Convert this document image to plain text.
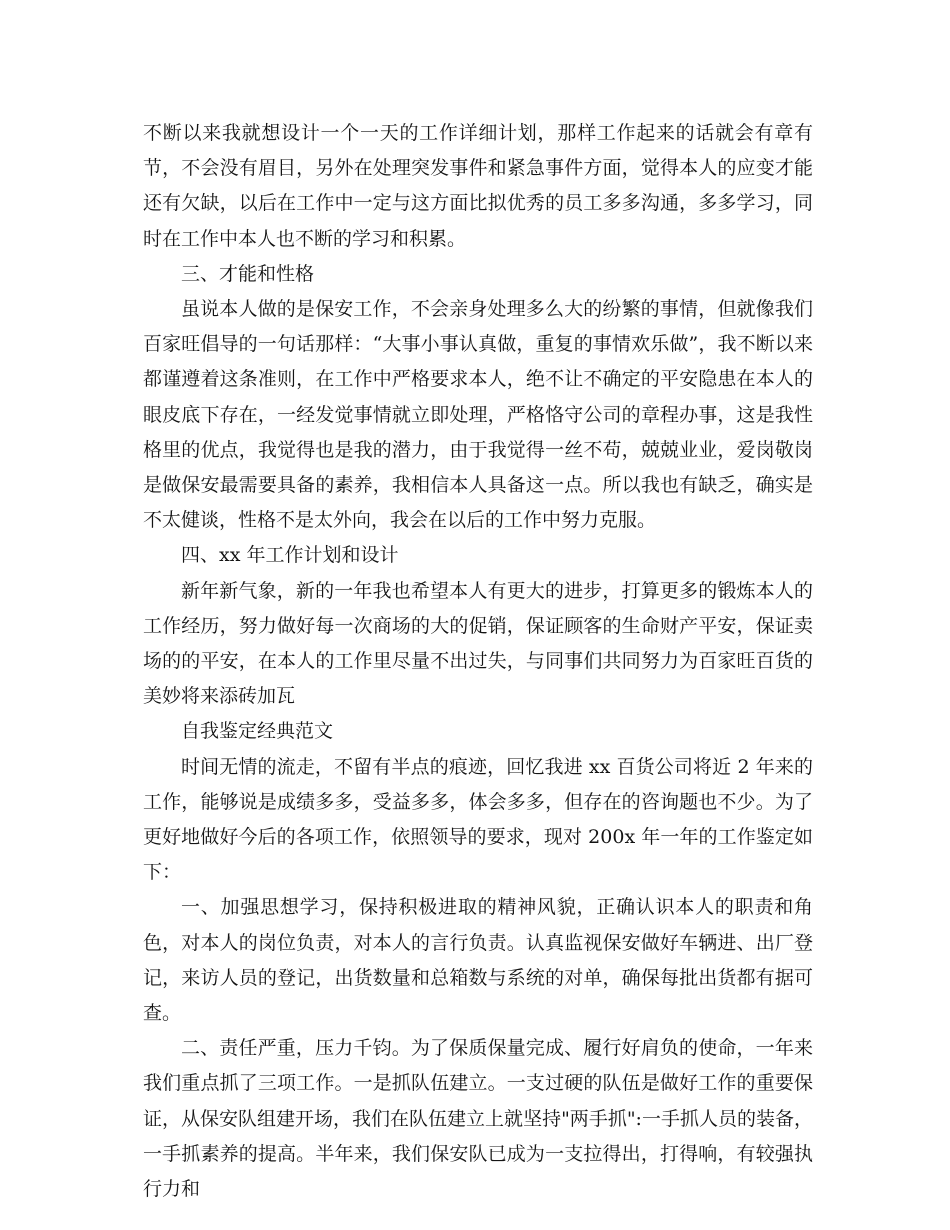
不断以来我就想设计一个一天的工作详细计划，那样工作起来的话就会有章有节，不会没有眉目，另外在处理突发事件和紧急事件方面，觉得本人的应变才能还有欠缺，以后在工作中一定与这方面比拟优秀的员工多多沟通，多多学习，同时在工作中本人也不断的学习和积累。

三、才能和性格

虽说本人做的是保安工作，不会亲身处理多么大的纷繁的事情，但就像我们百家旺倡导的一句话那样：“大事小事认真做，重复的事情欢乐做”，我不断以来都谨遵着这条准则，在工作中严格要求本人，绝不让不确定的平安隐患在本人的眼皮底下存在，一经发觉事情就立即处理，严格恪守公司的章程办事，这是我性格里的优点，我觉得也是我的潜力，由于我觉得一丝不苟，兢兢业业，爱岗敬岗是做保安最需要具备的素养，我相信本人具备这一点。所以我也有缺乏，确实是不太健谈，性格不是太外向，我会在以后的工作中努力克服。

四、xx 年工作计划和设计

新年新气象，新的一年我也希望本人有更大的进步，打算更多的锻炼本人的工作经历，努力做好每一次商场的大的促销，保证顾客的生命财产平安，保证卖场的的平安，在本人的工作里尽量不出过失，与同事们共同努力为百家旺百货的美妙将来添砖加瓦

自我鉴定经典范文

时间无情的流走，不留有半点的痕迹，回忆我进 xx 百货公司将近 2 年来的工作，能够说是成绩多多，受益多多，体会多多，但存在的咨询题也不少。为了更好地做好今后的各项工作，依照领导的要求，现对 200x 年一年的工作鉴定如下：

一、加强思想学习，保持积极进取的精神风貌，正确认识本人的职责和角色，对本人的岗位负责，对本人的言行负责。认真监视保安做好车辆进、出厂登记，来访人员的登记，出货数量和总箱数与系统的对单，确保每批出货都有据可查。

二、责任严重，压力千钧。为了保质保量完成、履行好肩负的使命，一年来我们重点抓了三项工作。一是抓队伍建立。一支过硬的队伍是做好工作的重要保证，从保安队组建开场，我们在队伍建立上就坚持"两手抓":一手抓人员的装备，一手抓素养的提高。半年来，我们保安队已成为一支拉得出，打得响，有较强执行力和
